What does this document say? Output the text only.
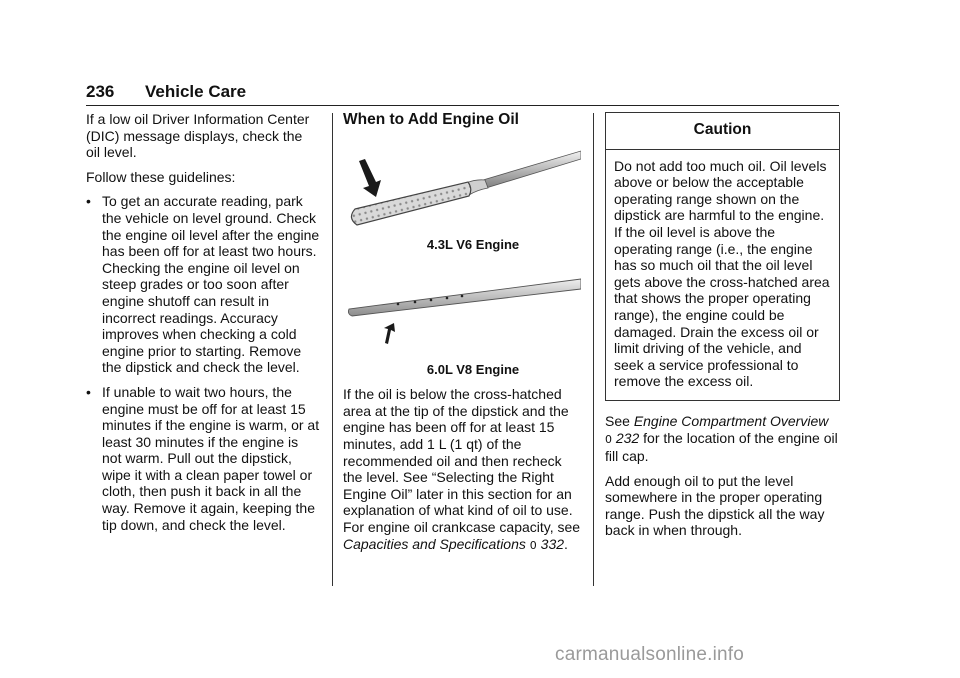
236 Vehicle Care

If a low oil Driver Information Center (DIC) message displays, check the oil level.

Follow these guidelines:

• To get an accurate reading, park the vehicle on level ground. Check the engine oil level after the engine has been off for at least two hours. Checking the engine oil level on steep grades or too soon after engine shutoff can result in incorrect readings. Accuracy improves when checking a cold engine prior to starting. Remove the dipstick and check the level.
• If unable to wait two hours, the engine must be off for at least 15 minutes if the engine is warm, or at least 30 minutes if the engine is not warm. Pull out the dipstick, wipe it with a clean paper towel or cloth, then push it back in all the way. Remove it again, keeping the tip down, and check the level.
When to Add Engine Oil

4.3L V6 Engine

6.0L V8 Engine

If the oil is below the cross-hatched area at the tip of the dipstick and the engine has been off for at least 15 minutes, add 1 L (1 qt) of the recommended oil and then recheck the level. See “Selecting the Right Engine Oil” later in this section for an explanation of what kind of oil to use. For engine oil crankcase capacity, see Capacities and Specifications 0 332.

Caution
Do not add too much oil. Oil levels above or below the acceptable operating range shown on the dipstick are harmful to the engine. If the oil level is above the operating range (i.e., the engine has so much oil that the oil level gets above the cross-hatched area that shows the proper operating range), the engine could be damaged. Drain the excess oil or limit driving of the vehicle, and seek a service professional to remove the excess oil.

See Engine Compartment Overview
0 232 for the location of the engine oil fill cap.

Add enough oil to put the level somewhere in the proper operating range. Push the dipstick all the way back in when through.

carmanualsonline.info
